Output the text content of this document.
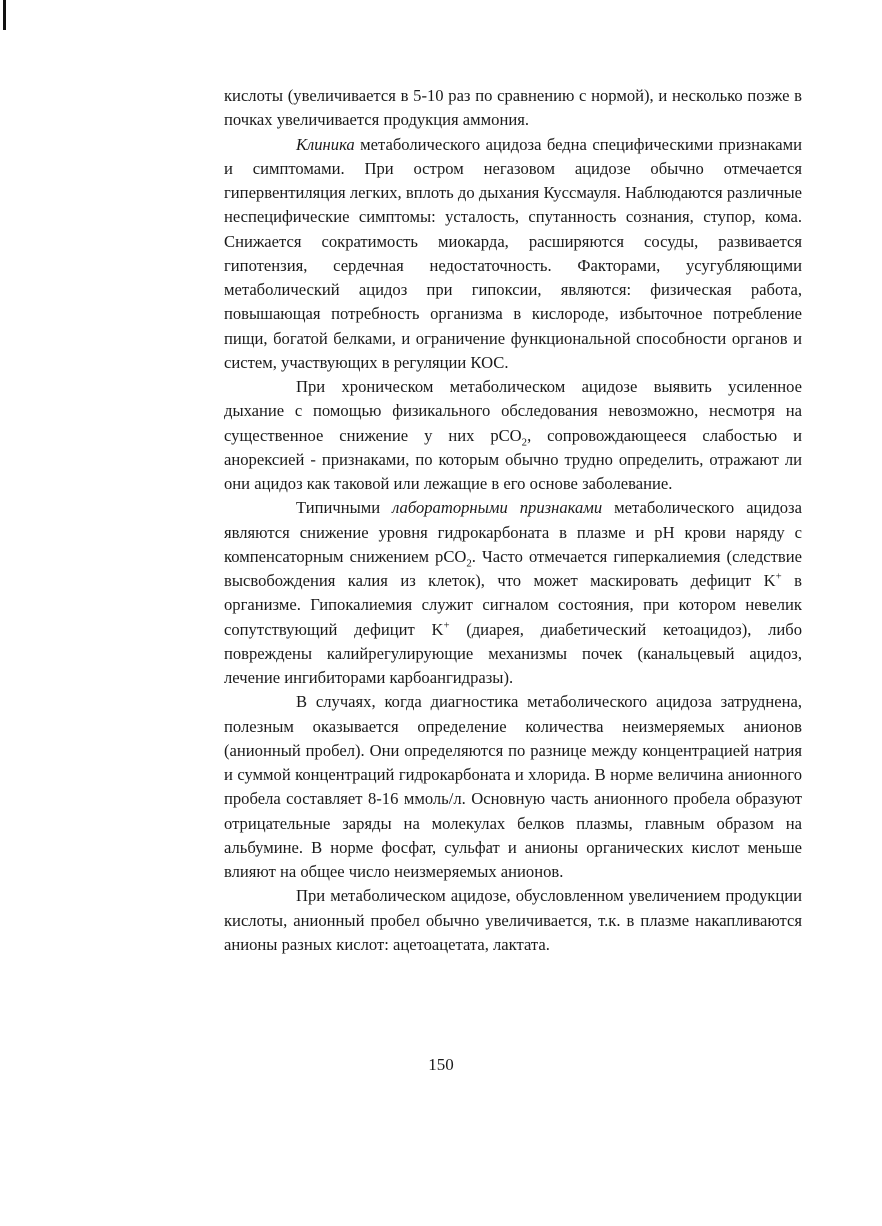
кислоты (увеличивается в 5-10 раз по сравнению с нормой), и несколько позже в почках увеличивается продукция аммония.

Клиника метаболического ацидоза бедна специфическими признаками и симптомами. При остром негазовом ацидозе обычно отмечается гипервентиляция легких, вплоть до дыхания Куссмауля. Наблюдаются различные неспецифические симптомы: усталость, спутанность сознания, ступор, кома. Снижается сократимость миокарда, расширяются сосуды, развивается гипотензия, сердечная недостаточность. Факторами, усугубляющими метаболический ацидоз при гипоксии, являются: физическая работа, повышающая потребность организма в кислороде, избыточное потребление пищи, богатой белками, и ограничение функциональной способности органов и систем, участвующих в регуляции КОС.

При хроническом метаболическом ацидозе выявить усиленное дыхание с помощью физикального обследования невозможно, несмотря на существенное снижение у них pCO$_2$, сопровождающееся слабостью и анорексией - признаками, по которым обычно трудно определить, отражают ли они ацидоз как таковой или лежащие в его основе заболевание.

Типичными лабораторными признаками метаболического ацидоза являются снижение уровня гидрокарбоната в плазме и pH крови наряду с компенсаторным снижением pCO$_2$. Часто отмечается гиперкалиемия (следствие высвобождения калия из клеток), что может маскировать дефицит K+ в организме. Гипокалиемия служит сигналом состояния, при котором невелик сопутствующий дефицит K+ (диарея, диабетический кетоацидоз), либо повреждены калийрегулирующие механизмы почек (канальцевый ацидоз, лечение ингибиторами карбоангидразы).

В случаях, когда диагностика метаболического ацидоза затруднена, полезным оказывается определение количества неизмеряемых анионов (анионный пробел). Они определяются по разнице между концентрацией натрия и суммой концентраций гидрокарбоната и хлорида. В норме величина анионного пробела составляет 8-16 ммоль/л. Основную часть анионного пробела образуют отрицательные заряды на молекулах белков плазмы, главным образом на альбумине. В норме фосфат, сульфат и анионы органических кислот меньше влияют на общее число неизмеряемых анионов.

При метаболическом ацидозе, обусловленном увеличением продукции кислоты, анионный пробел обычно увеличивается, т.к. в плазме накапливаются анионы разных кислот: ацетоацетата, лактата.

150
